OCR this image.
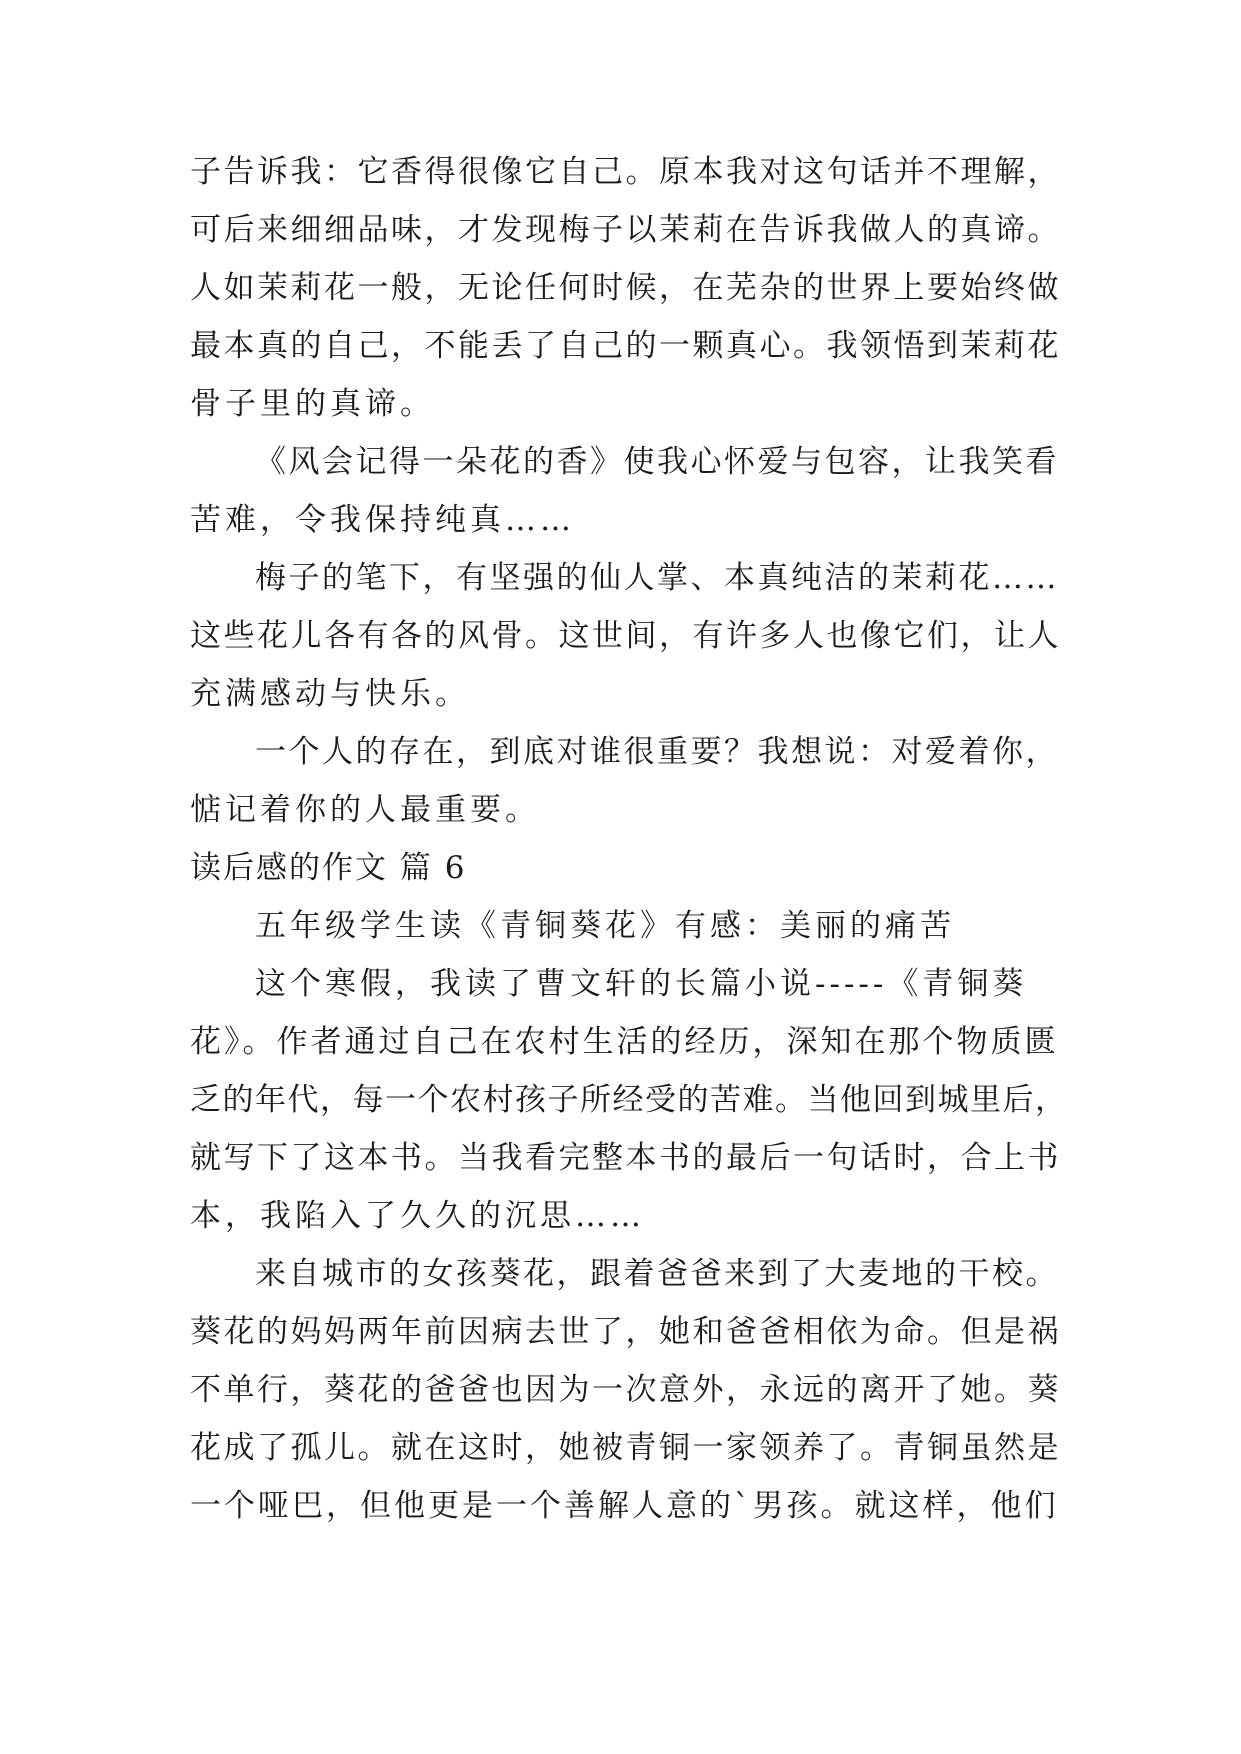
子告诉我：它香得很像它自己。原本我对这句话并不理解，
可后来细细品味，才发现梅子以茉莉在告诉我做人的真谛。
人如茉莉花一般，无论任何时候，在芜杂的世界上要始终做
最本真的自己，不能丢了自己的一颗真心。我领悟到茉莉花
骨子里的真谛。
《风会记得一朵花的香》使我心怀爱与包容，让我笑看
苦难，令我保持纯真……
梅子的笔下，有坚强的仙人掌、本真纯洁的茉莉花……
这些花儿各有各的风骨。这世间，有许多人也像它们，让人
充满感动与快乐。
一个人的存在，到底对谁很重要？我想说：对爱着你，
惦记着你的人最重要。
读后感的作文 篇 6
五年级学生读《青铜葵花》有感：美丽的痛苦
这个寒假，我读了曹文轩的长篇小说-----《青铜葵
花》。作者通过自己在农村生活的经历，深知在那个物质匮
乏的年代，每一个农村孩子所经受的苦难。当他回到城里后，
就写下了这本书。当我看完整本书的最后一句话时，合上书
本，我陷入了久久的沉思……
来自城市的女孩葵花，跟着爸爸来到了大麦地的干校。
葵花的妈妈两年前因病去世了，她和爸爸相依为命。但是祸
不单行，葵花的爸爸也因为一次意外，永远的离开了她。葵
花成了孤儿。就在这时，她被青铜一家领养了。青铜虽然是
一个哑巴，但他更是一个善解人意的`男孩。就这样，他们
